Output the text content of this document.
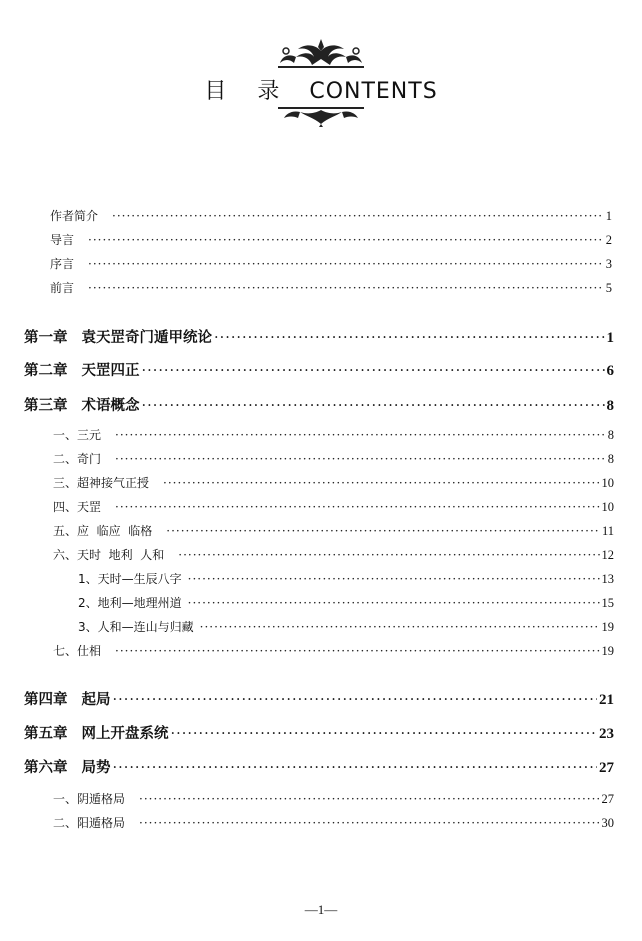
目 录 CONTENTS
作者简介 ·····	1
导言 ·····	2
序言 ·····	3
前言 ·····	5
第一章 袁天罡奇门遁甲统论 ·····	1
第二章 天罡四正 ·····	6
第三章 术语概念 ·····	8
一、三元 ·····	8
二、奇门 ·····	8
三、超神接气正授 ·····	10
四、天罡 ·····	10
五、应  临应  临格 ·····	11
六、天时  地利  人和 ·····	12
1、天时—生辰八字 ·····	13
2、地利—地理州道 ·····	15
3、人和—连山与归藏 ·····	19
七、仕相 ·····	19
第四章 起局 ·····	21
第五章 网上开盘系统 ·····	23
第六章 局势 ·····	27
一、阴遁格局 ·····	27
二、阳遁格局 ·····	30
—1—
